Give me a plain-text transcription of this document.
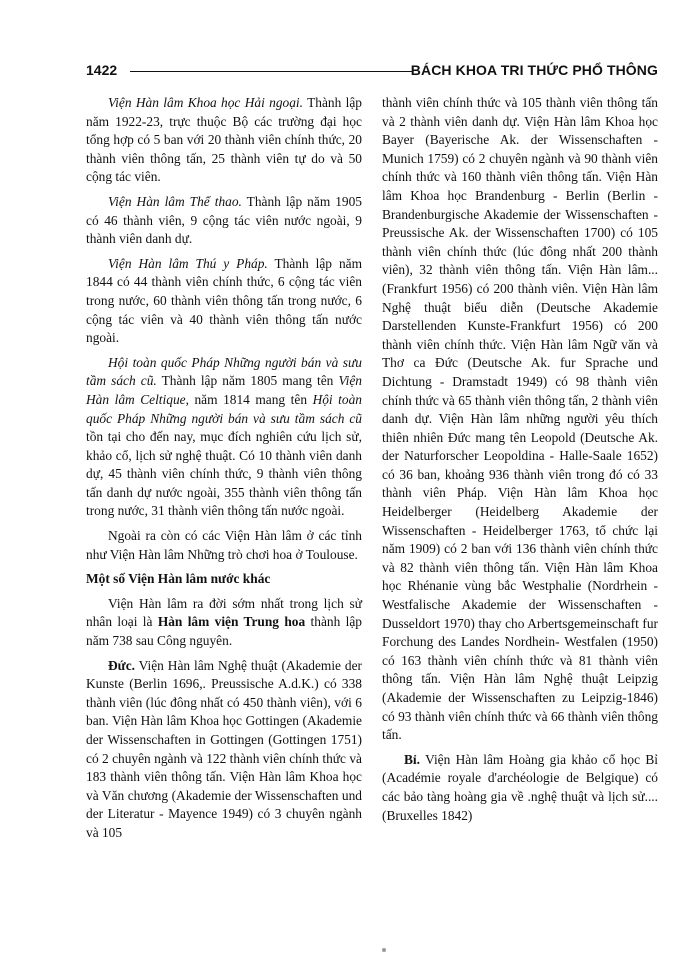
1422	BÁCH KHOA TRI THỨC PHỔ THÔNG

Viện Hàn lâm Khoa học Hải ngoại. Thành lập năm 1922-23, trực thuộc Bộ các trường đại học tổng hợp có 5 ban với 20 thành viên chính thức, 20 thành viên thông tấn, 25 thành viên tự do và 50 cộng tác viên.

Viện Hàn lâm Thể thao. Thành lập năm 1905 có 46 thành viên, 9 cộng tác viên nước ngoài, 9 thành viên danh dự.

Viện Hàn lâm Thú y Pháp. Thành lập năm 1844 có 44 thành viên chính thức, 6 cộng tác viên trong nước, 60 thành viên thông tấn trong nước, 6 cộng tác viên và 40 thành viên thông tấn nước ngoài.

Hội toàn quốc Pháp Những người bán và sưu tầm sách cũ. Thành lập năm 1805 mang tên Viện Hàn lâm Celtique, năm 1814 mang tên Hội toàn quốc Pháp Những người bán và sưu tầm sách cũ tồn tại cho đến nay, mục đích nghiên cứu lịch sử, khảo cổ, lịch sử nghệ thuật. Có 10 thành viên danh dự, 45 thành viên chính thức, 9 thành viên thông tấn danh dự nước ngoài, 355 thành viên thông tấn trong nước, 31 thành viên thông tấn nước ngoài.

Ngoài ra còn có các Viện Hàn lâm ở các tỉnh như Viện Hàn lâm Những trò chơi hoa ở Toulouse.

Một số Viện Hàn lâm nước khác

Viện Hàn lâm ra đời sớm nhất trong lịch sử nhân loại là Hàn lâm viện Trung hoa thành lập năm 738 sau Công nguyên.

Đức. Viện Hàn lâm Nghệ thuật (Akademie der Kunste (Berlin 1696,. Preussische A.d.K.) có 338 thành viên (lúc đông nhất có 450 thành viên), với 6 ban. Viện Hàn lâm Khoa học Gottingen (Akademie der Wissenschaften in Gottingen (Gottingen 1751) có 2 chuyên ngành và 122 thành viên chính thức và 183 thành viên thông tấn. Viện Hàn lâm Khoa học và Văn chương (Akademie der Wissenschaften und der Literatur - Mayence 1949) có 3 chuyên ngành và 105

thành viên chính thức và 105 thành viên thông tấn và 2 thành viên danh dự. Viện Hàn lâm Khoa học Bayer (Bayerische Ak. der Wissenschaften - Munich 1759) có 2 chuyên ngành và 90 thành viên chính thức và 160 thành viên thông tấn. Viện Hàn lâm Khoa học Brandenburg - Berlin (Berlin - Brandenburgische Akademie der Wissenschaften - Preussische Ak. der Wissenschaften 1700) có 105 thành viên chính thức (lúc đông nhất 200 thành viên), 32 thành viên thông tấn. Viện Hàn lâm... (Frankfurt 1956) có 200 thành viên. Viện Hàn lâm Nghệ thuật biểu diễn (Deutsche Akademie Darstellenden Kunste-Frankfurt 1956) có 200 thành viên chính thức. Viện Hàn lâm Ngữ văn và Thơ ca Đức (Deutsche Ak. fur Sprache und Dichtung - Dramstadt 1949) có 98 thành viên chính thức và 65 thành viên thông tấn, 2 thành viên danh dự. Viện Hàn lâm những người yêu thích thiên nhiên Đức mang tên Leopold (Deutsche Ak. der Naturforscher Leopoldina - Halle-Saale 1652) có 36 ban, khoảng 936 thành viên trong đó có 33 thành viên Pháp. Viện Hàn lâm Khoa học Heidelberger (Heidelberg Akademie der Wissenschaften - Heidelberger 1763, tổ chức lại năm 1909) có 2 ban với 136 thành viên chính thức và 82 thành viên thông tấn. Viện Hàn lâm Khoa học Rhénanie vùng bắc Westphalie (Nordrhein - Westfalische Akademie der Wissenschaften -Dusseldort 1970) thay cho Arbertsgemeinschaft fur Forchung des Landes Nordhein- Westfalen (1950) có 163 thành viên chính thức và 81 thành viên thông tấn. Viện Hàn lâm Nghệ thuật Leipzig (Akademie der Wissenschaften zu Leipzig-1846) có 93 thành viên chính thức và 66 thành viên thông tấn.

Bỉ. Viện Hàn lâm Hoàng gia khảo cổ học Bỉ (Académie royale d'archéologie de Belgique) có các bảo tàng hoàng gia về .nghệ thuật và lịch sử.... (Bruxelles 1842)
